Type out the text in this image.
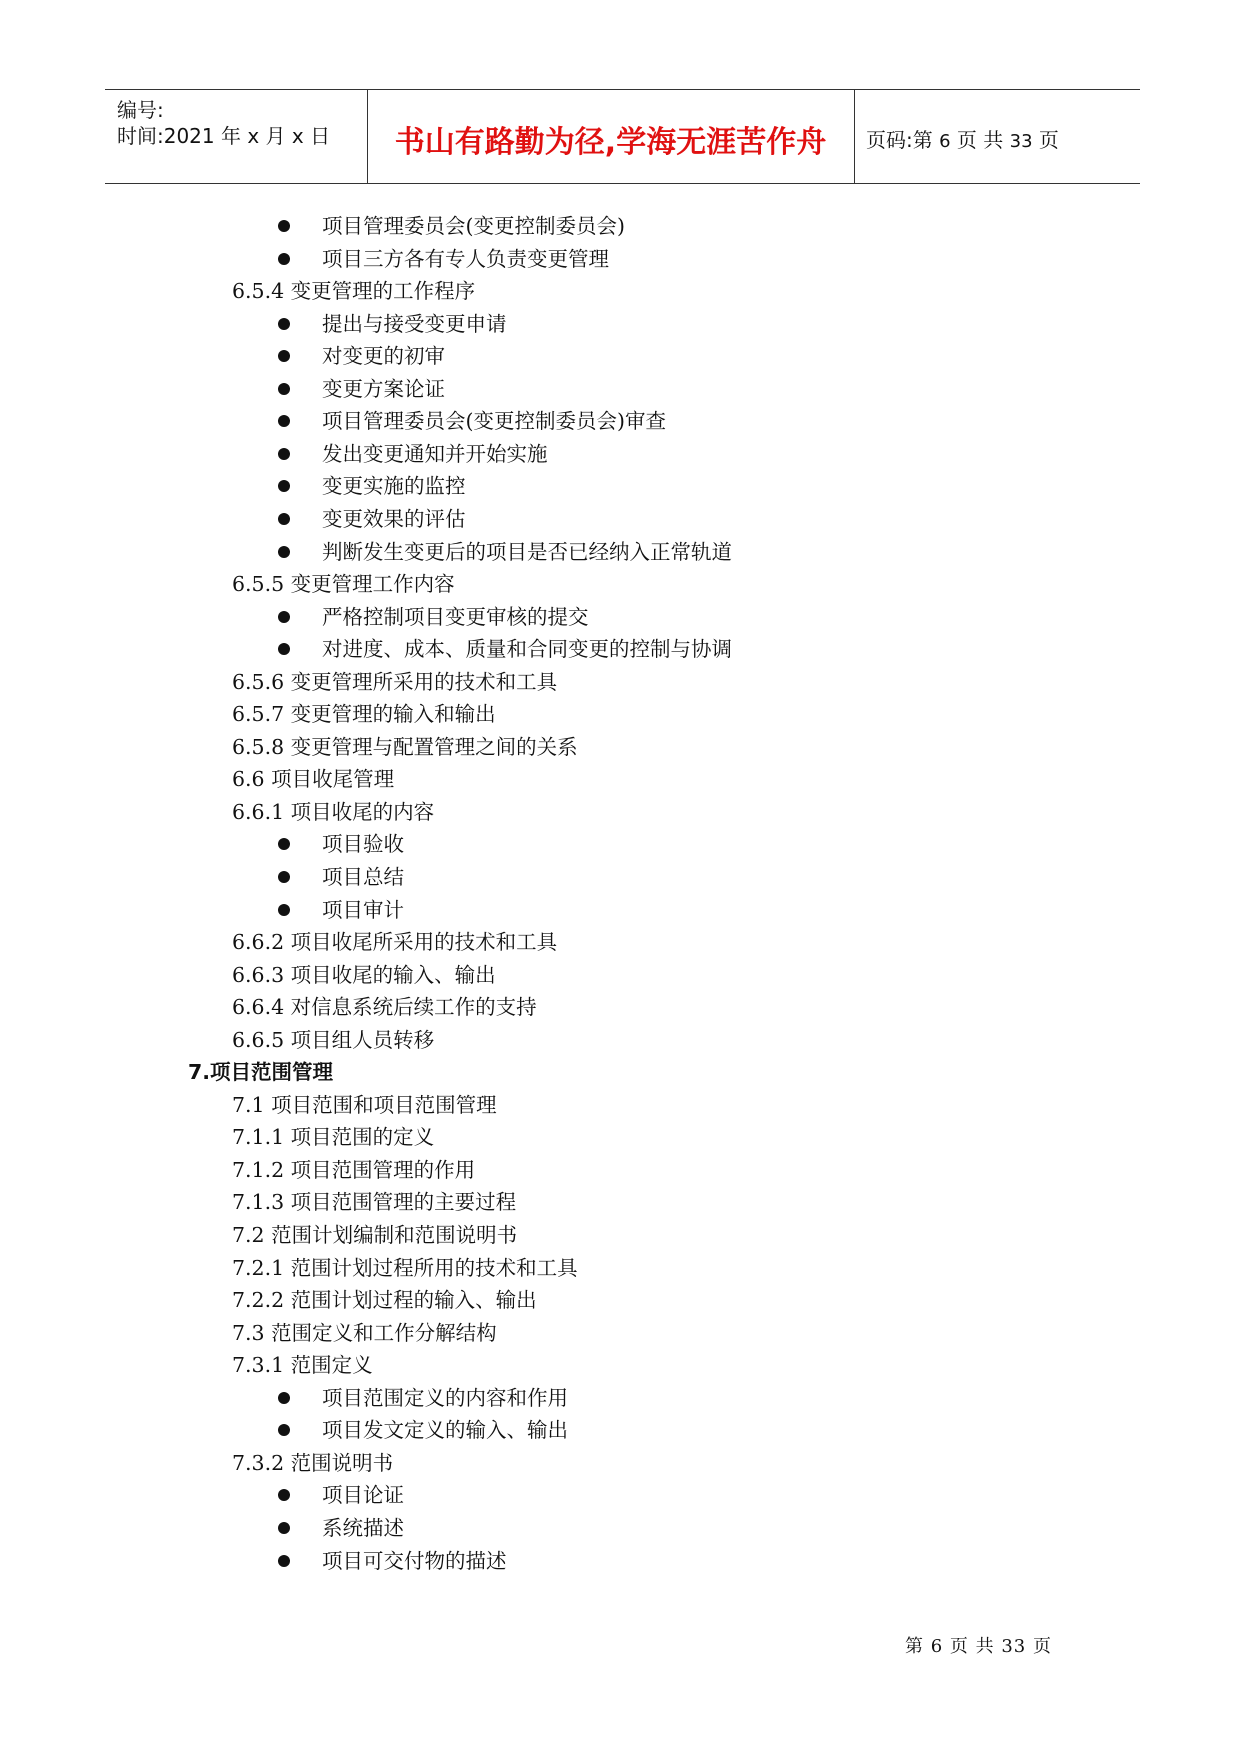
编号:
时间:2021 年 x 月 x 日	书山有路勤为径,学海无涯苦作舟	页码:第 6 页 共 33 页
项目管理委员会(变更控制委员会)
项目三方各有专人负责变更管理
6.5.4 变更管理的工作程序
提出与接受变更申请
对变更的初审
变更方案论证
项目管理委员会(变更控制委员会)审查
发出变更通知并开始实施
变更实施的监控
变更效果的评估
判断发生变更后的项目是否已经纳入正常轨道
6.5.5 变更管理工作内容
严格控制项目变更审核的提交
对进度、成本、质量和合同变更的控制与协调
6.5.6 变更管理所采用的技术和工具
6.5.7 变更管理的输入和输出
6.5.8 变更管理与配置管理之间的关系
6.6 项目收尾管理
6.6.1 项目收尾的内容
项目验收
项目总结
项目审计
6.6.2 项目收尾所采用的技术和工具
6.6.3 项目收尾的输入、输出
6.6.4 对信息系统后续工作的支持
6.6.5 项目组人员转移
7.项目范围管理
7.1 项目范围和项目范围管理
7.1.1 项目范围的定义
7.1.2 项目范围管理的作用
7.1.3 项目范围管理的主要过程
7.2 范围计划编制和范围说明书
7.2.1 范围计划过程所用的技术和工具
7.2.2 范围计划过程的输入、输出
7.3 范围定义和工作分解结构
7.3.1 范围定义
项目范围定义的内容和作用
项目发文定义的输入、输出
7.3.2 范围说明书
项目论证
系统描述
项目可交付物的描述
第 6 页 共 33 页
